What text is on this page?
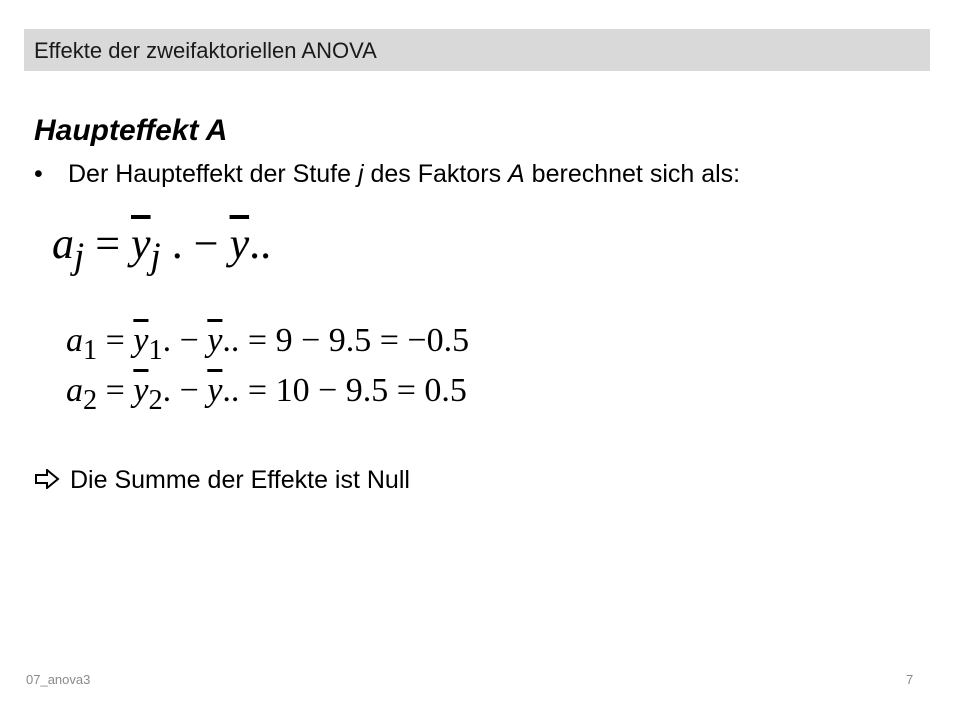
Effekte der zweifaktoriellen ANOVA
Haupteffekt A
• Der Haupteffekt der Stufe j des Faktors A berechnet sich als:
$a_j = \overline{y}_j$ . − $\overline{y}$..
$a_1 = \overline{y}_1$. − $\overline{y}$.. = 9 − 9.5 = −0.5
$a_2 = \overline{y}_2$. − $\overline{y}$.. = 10 − 9.5 = 0.5
Die Summe der Effekte ist Null
07_anova3	7
